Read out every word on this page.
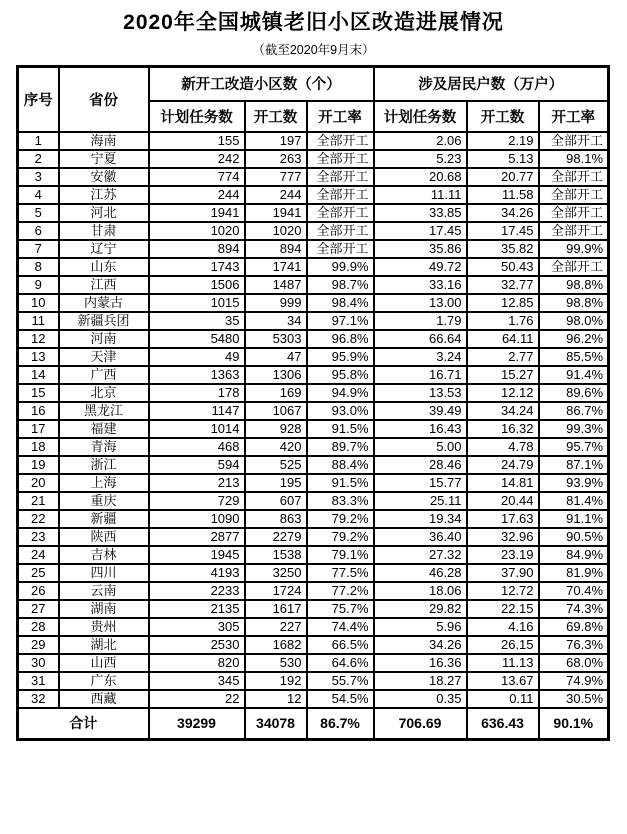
2020年全国城镇老旧小区改造进展情况
（截至2020年9月末）
序号	省份	新开工改造小区数（个）			涉及居民户数（万户）		
		计划任务数	开工数	开工率	计划任务数	开工数	开工率
1	海南	155	197	全部开工	2.06	2.19	全部开工
2	宁夏	242	263	全部开工	5.23	5.13	98.1%
3	安徽	774	777	全部开工	20.68	20.77	全部开工
4	江苏	244	244	全部开工	11.11	11.58	全部开工
5	河北	1941	1941	全部开工	33.85	34.26	全部开工
6	甘肃	1020	1020	全部开工	17.45	17.45	全部开工
7	辽宁	894	894	全部开工	35.86	35.82	99.9%
8	山东	1743	1741	99.9%	49.72	50.43	全部开工
9	江西	1506	1487	98.7%	33.16	32.77	98.8%
10	内蒙古	1015	999	98.4%	13.00	12.85	98.8%
11	新疆兵团	35	34	97.1%	1.79	1.76	98.0%
12	河南	5480	5303	96.8%	66.64	64.11	96.2%
13	天津	49	47	95.9%	3.24	2.77	85.5%
14	广西	1363	1306	95.8%	16.71	15.27	91.4%
15	北京	178	169	94.9%	13.53	12.12	89.6%
16	黑龙江	1147	1067	93.0%	39.49	34.24	86.7%
17	福建	1014	928	91.5%	16.43	16.32	99.3%
18	青海	468	420	89.7%	5.00	4.78	95.7%
19	浙江	594	525	88.4%	28.46	24.79	87.1%
20	上海	213	195	91.5%	15.77	14.81	93.9%
21	重庆	729	607	83.3%	25.11	20.44	81.4%
22	新疆	1090	863	79.2%	19.34	17.63	91.1%
23	陕西	2877	2279	79.2%	36.40	32.96	90.5%
24	吉林	1945	1538	79.1%	27.32	23.19	84.9%
25	四川	4193	3250	77.5%	46.28	37.90	81.9%
26	云南	2233	1724	77.2%	18.06	12.72	70.4%
27	湖南	2135	1617	75.7%	29.82	22.15	74.3%
28	贵州	305	227	74.4%	5.96	4.16	69.8%
29	湖北	2530	1682	66.5%	34.26	26.15	76.3%
30	山西	820	530	64.6%	16.36	11.13	68.0%
31	广东	345	192	55.7%	18.27	13.67	74.9%
32	西藏	22	12	54.5%	0.35	0.11	30.5%
合计		39299	34078	86.7%	706.69	636.43	90.1%
